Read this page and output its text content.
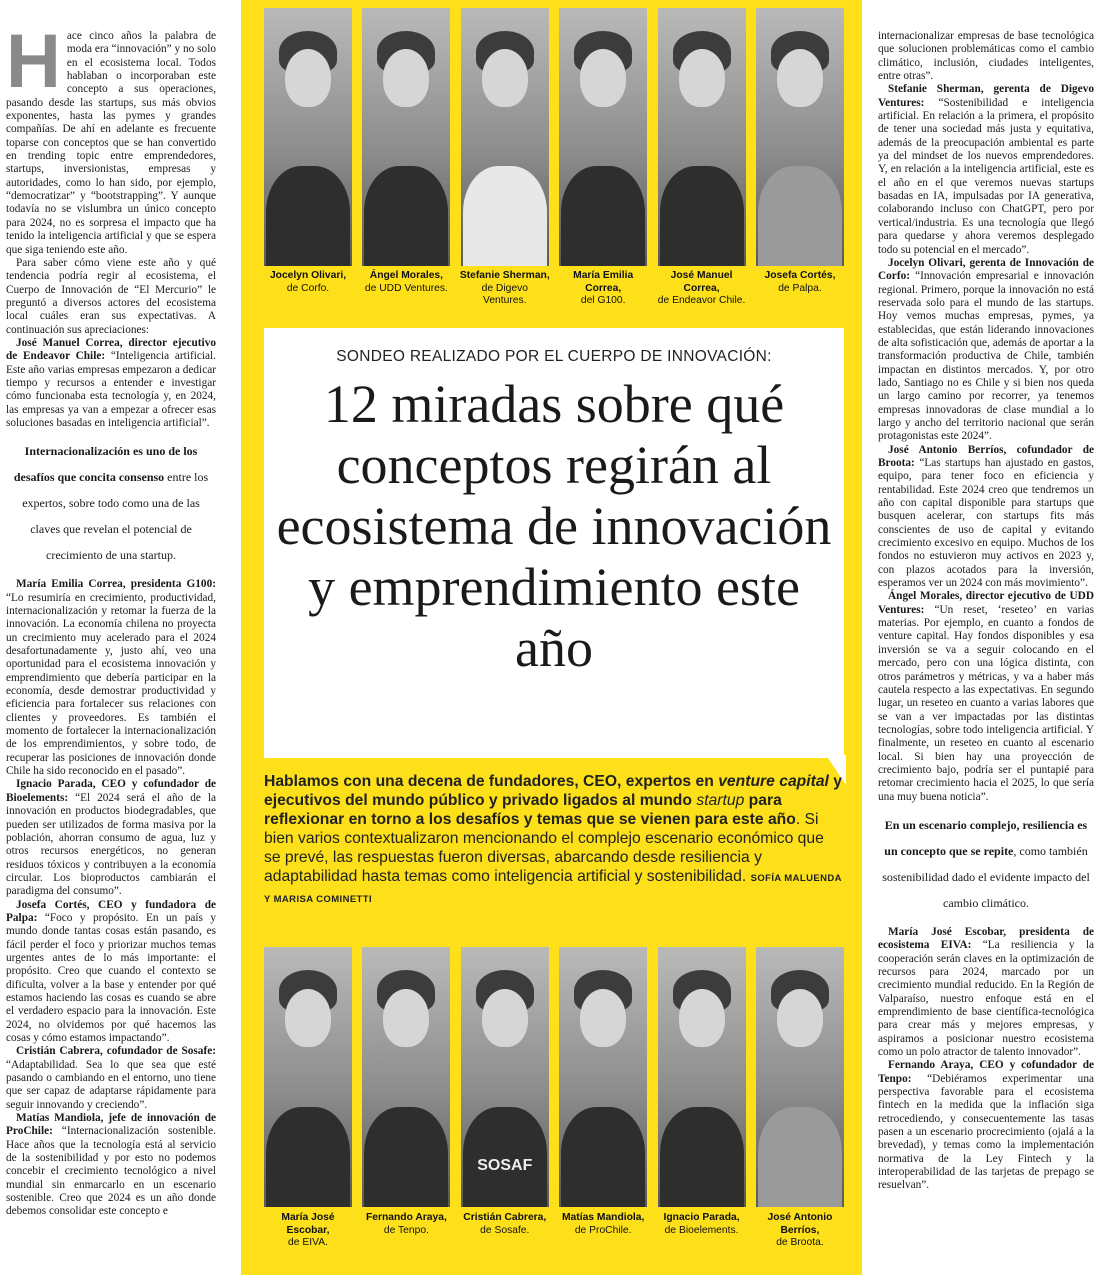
Jocelyn Olivari,
de Corfo.
Ángel Morales,
de UDD Ventures.
Stefanie Sherman,
de Digevo Ventures.
María Emilia Correa,
del G100.
José Manuel Correa,
de Endeavor Chile.
Josefa Cortés,
de Palpa.
SONDEO REALIZADO POR EL CUERPO DE INNOVACIÓN:
12 miradas sobre qué conceptos regirán al ecosistema de innovación y emprendimiento este año

Hablamos con una decena de fundadores, CEO, expertos en venture capital y ejecutivos del mundo público y privado ligados al mundo startup para reflexionar en torno a los desafíos y temas que se vienen para este año. Si bien varios contextualizaron mencionando el complejo escenario económico que se prevé, las respuestas fueron diversas, abarcando desde resiliencia y adaptabilidad hasta temas como inteligencia artificial y sostenibilidad. SOFÍA MALUENDA Y MARISA COMINETTI

SOSAF
María José Escobar,
de EIVA.
Fernando Araya,
de Tenpo.
Cristián Cabrera,
de Sosafe.
Matías Mandiola,
de ProChile.
Ignacio Parada,
de Bioelements.
José Antonio Berríos,
de Broota.

Hace cinco años la palabra de moda era “innovación” y no solo en el ecosistema local. Todos hablaban o incorporaban este concepto a sus operaciones, pasando desde las startups, sus más obvios exponentes, hasta las pymes y grandes compañías. De ahí en adelante es frecuente toparse con conceptos que se han convertido en trending topic entre emprendedores, startups, inversionistas, empresas y autoridades, como lo han sido, por ejemplo, “democratizar” y “bootstrapping”. Y aunque todavía no se vislumbra un único concepto para 2024, no es sorpresa el impacto que ha tenido la inteligencia artificial y que se espera que siga teniendo este año.

Para saber cómo viene este año y qué tendencia podría regir al ecosistema, el Cuerpo de Innovación de “El Mercurio” le preguntó a diversos actores del ecosistema local cuáles eran sus expectativas. A continuación sus apreciaciones:

José Manuel Correa, director ejecutivo de Endeavor Chile: “Inteligencia artificial. Este año varias empresas empezaron a dedicar tiempo y recursos a entender e investigar cómo funcionaba esta tecnología y, en 2024, las empresas ya van a empezar a ofrecer esas soluciones basadas en inteligencia artificial”.

Internacionalización es uno de los desafíos que concita consenso entre los expertos, sobre todo como una de las claves que revelan el potencial de crecimiento de una startup.

María Emilia Correa, presidenta G100: “Lo resumiría en crecimiento, productividad, internacionalización y retomar la fuerza de la innovación. La economía chilena no proyecta un crecimiento muy acelerado para el 2024 desafortunadamente y, justo ahí, veo una oportunidad para el ecosistema innovación y emprendimiento que debería participar en la economía, desde demostrar productividad y eficiencia para fortalecer sus relaciones con clientes y proveedores. Es también el momento de fortalecer la internacionalización de los emprendimientos, y sobre todo, de recuperar las posiciones de innovación donde Chile ha sido reconocido en el pasado”.

Ignacio Parada, CEO y cofundador de Bioelements: “El 2024 será el año de la innovación en productos biodegradables, que pueden ser utilizados de forma masiva por la población, ahorran consumo de agua, luz y otros recursos energéticos, no generan residuos tóxicos y contribuyen a la economía circular. Los bioproductos cambiarán el paradigma del consumo”.

Josefa Cortés, CEO y fundadora de Palpa: “Foco y propósito. En un país y mundo donde tantas cosas están pasando, es fácil perder el foco y priorizar muchos temas urgentes antes de lo más importante: el propósito. Creo que cuando el contexto se dificulta, volver a la base y entender por qué estamos haciendo las cosas es cuando se abre el verdadero espacio para la innovación. Este 2024, no olvidemos por qué hacemos las cosas y cómo estamos impactando”.

Cristián Cabrera, cofundador de Sosafe: “Adaptabilidad. Sea lo que sea que esté pasando o cambiando en el entorno, uno tiene que ser capaz de adaptarse rápidamente para seguir innovando y creciendo”.

Matías Mandiola, jefe de innovación de ProChile: “Internacionalización sostenible. Hace años que la tecnología está al servicio de la sostenibilidad y por esto no podemos concebir el crecimiento tecnológico a nivel mundial sin enmarcarlo en un escenario sostenible. Creo que 2024 es un año donde debemos consolidar este concepto e

internacionalizar empresas de base tecnológica que solucionen problemáticas como el cambio climático, inclusión, ciudades inteligentes, entre otras”.

Stefanie Sherman, gerenta de Digevo Ventures: “Sostenibilidad e inteligencia artificial. En relación a la primera, el propósito de tener una sociedad más justa y equitativa, además de la preocupación ambiental es parte ya del mindset de los nuevos emprendedores. Y, en relación a la inteligencia artificial, este es el año en el que veremos nuevas startups basadas en IA, impulsadas por IA generativa, colaborando incluso con ChatGPT, pero por vertical/industria. Es una tecnología que llegó para quedarse y ahora veremos desplegado todo su potencial en el mercado”.

Jocelyn Olivari, gerenta de Innovación de Corfo: “Innovación empresarial e innovación regional. Primero, porque la innovación no está reservada solo para el mundo de las startups. Hoy vemos muchas empresas, pymes, ya establecidas, que están liderando innovaciones de alta sofisticación que, además de aportar a la transformación productiva de Chile, también impactan en distintos mercados. Y, por otro lado, Santiago no es Chile y si bien nos queda un largo camino por recorrer, ya tenemos empresas innovadoras de clase mundial a lo largo y ancho del territorio nacional que serán protagonistas este 2024”.

José Antonio Berríos, cofundador de Broota: “Las startups han ajustado en gastos, equipo, para tener foco en eficiencia y rentabilidad. Este 2024 creo que tendremos un año con capital disponible para startups que busquen acelerar, con startups fits más conscientes de uso de capital y evitando crecimiento excesivo en equipo. Muchos de los fondos no estuvieron muy activos en 2023 y, con plazos acotados para la inversión, esperamos ver un 2024 con más movimiento”.

Ángel Morales, director ejecutivo de UDD Ventures: “Un reset, ‘reseteo’ en varias materias. Por ejemplo, en cuanto a fondos de venture capital. Hay fondos disponibles y esa inversión se va a seguir colocando en el mercado, pero con una lógica distinta, con otros parámetros y métricas, y va a haber más cautela respecto a las expectativas. En segundo lugar, un reseteo en cuanto a varias labores que se van a ver impactadas por las distintas tecnologías, sobre todo inteligencia artificial. Y finalmente, un reseteo en cuanto al escenario local. Si bien hay una proyección de crecimiento bajo, podría ser el puntapié para retomar crecimiento hacia el 2025, lo que sería una muy buena noticia”.

En un escenario complejo, resiliencia es un concepto que se repite, como también sostenibilidad dado el evidente impacto del cambio climático.

María José Escobar, presidenta de ecosistema EIVA: “La resiliencia y la cooperación serán claves en la optimización de recursos para 2024, marcado por un crecimiento mundial reducido. En la Región de Valparaíso, nuestro enfoque está en el emprendimiento de base científica-tecnológica para crear más y mejores empresas, y aspiramos a posicionar nuestro ecosistema como un polo atractor de talento innovador”.

Fernando Araya, CEO y cofundador de Tenpo: “Debiéramos experimentar una perspectiva favorable para el ecosistema fintech en la medida que la inflación siga retrocediendo, y consecuentemente las tasas pasen a un escenario procrecimiento (ojalá a la brevedad), y temas como la implementación normativa de la Ley Fintech y la interoperabilidad de las tarjetas de prepago se resuelvan”.
